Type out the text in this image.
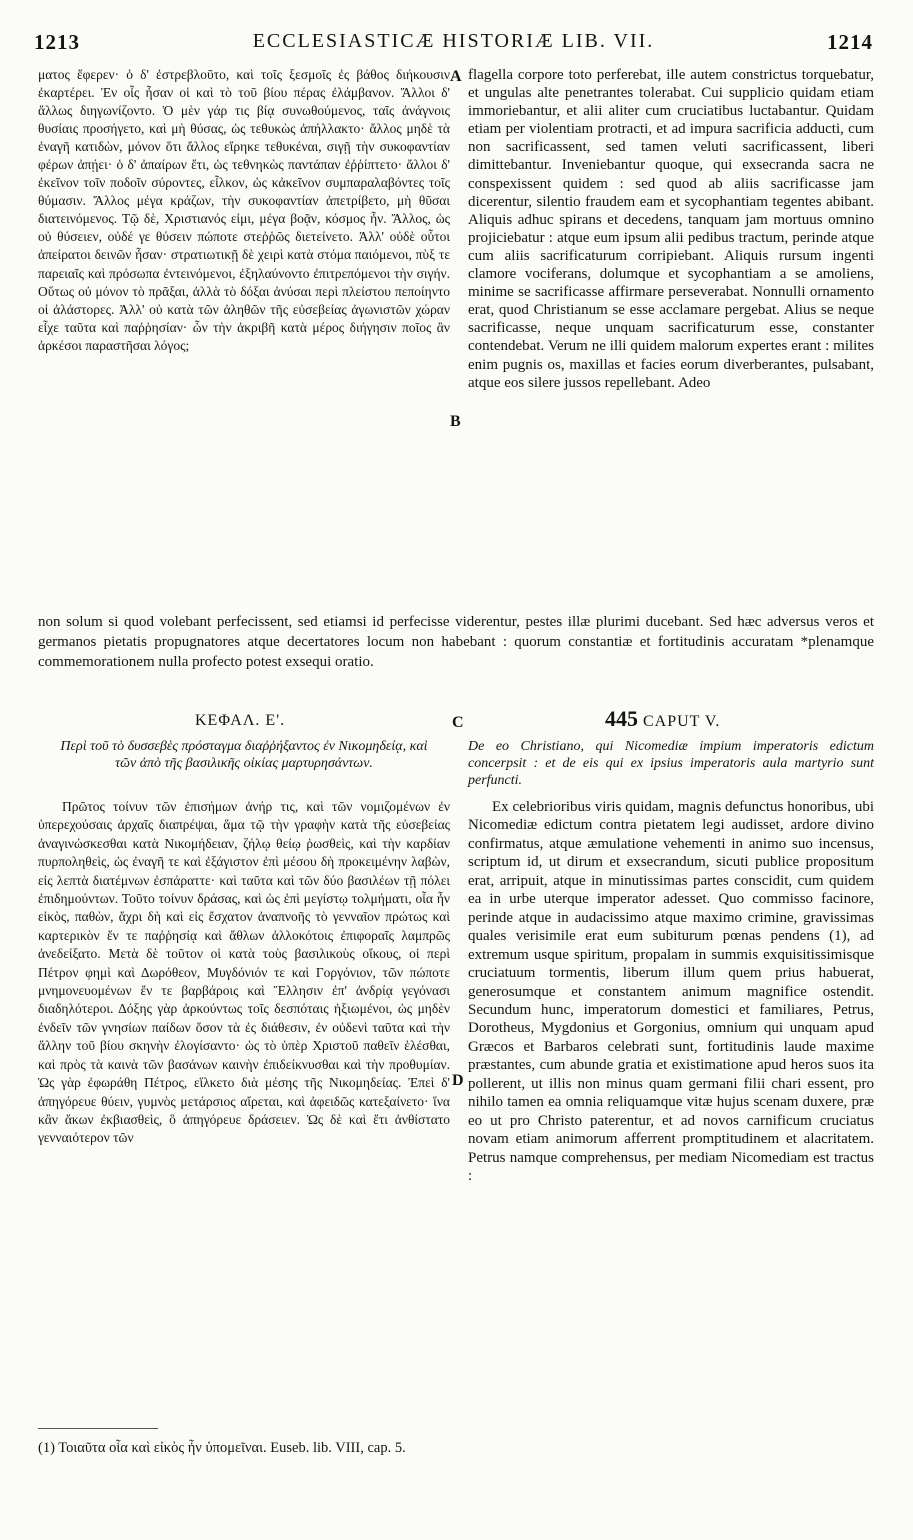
1213	ECCLESIASTICÆ HISTORIÆ LIB. VII.	1214
ματος ἔφερεν· ὁ δ' ἐστρεβλοῦτο, καὶ τοῖς ξεσμοῖς ἐς βάθος διήκουσιν ἐκαρτέρει. Ἐν οἷς ἦσαν οἱ καὶ τὸ τοῦ βίου πέρας ἐλάμβανον. Ἄλλοι δ' ἄλλως διηγωνίζοντο. Ὁ μὲν γάρ τις βίᾳ συνωθούμενος, ταῖς ἀνάγνοις θυσίαις προσήγετο, καὶ μὴ θύσας, ὡς τεθυκὼς ἀπήλλακτο· ἄλλος μηδὲ τὰ ἐναγῆ κατιδὼν, μόνον ὅτι ἄλλος εἴρηκε τεθυκέναι, σιγῇ τὴν συκοφαντίαν φέρων ἀπῄει· ὁ δ' ἀπαίρων ἔτι, ὡς τεθνηκὼς παντάπαν ἐῤῥίπτετο· ἄλλοι δ' ἐκεῖνον τοῖν ποδοῖν σύροντες, εἷλκον, ὡς κἀκεῖνον συμπαραλαβόντες τοῖς θύμασιν. Ἄλλος μέγα κράζων, τὴν συκοφαντίαν ἀπετρίβετο, μὴ θῦσαι διατεινόμενος. Τῷ δὲ, Χριστιανός εἰμι, μέγα βοᾷν, κόσμος ἦν. Ἄλλος, ὡς οὐ θύσειεν, οὐδέ γε θύσειν πώποτε στεῤῥῶς διετείνετο. Ἀλλ' οὐδὲ οὗτοι ἀπείρατοι δεινῶν ἦσαν· στρατιωτικῇ δὲ χειρὶ κατὰ στόμα παιόμενοι, πὺξ τε παρειαῖς καὶ πρόσωπα ἐντεινόμενοι, ἐξηλαύνοντο ἐπιτρεπόμενοι τὴν σιγήν. Οὕτως οὐ μόνον τὸ πρᾶξαι, ἀλλὰ τὸ δόξαι ἀνύσαι περὶ πλείστου πεποίηντο οἱ ἀλάστορες. Ἀλλ' οὐ κατὰ τῶν ἀληθῶν τῆς εὐσεβείας ἀγωνιστῶν χώραν εἶχε ταῦτα καὶ παῤῥησίαν· ὧν τὴν ἀκριβῆ κατὰ μέρος διήγησιν ποῖος ἂν ἀρκέσοι παραστῆσαι λόγος;
flagella corpore toto perferebat, ille autem constrictus torquebatur, et ungulas alte penetrantes tolerabat. Cui supplicio quidam etiam immoriebantur, et alii aliter cum cruciatibus luctabantur. Quidam etiam per violentiam protracti, et ad impura sacrificia adducti, cum non sacrificassent, sed tamen veluti sacrificassent, liberi dimittebantur. Inveniebantur quoque, qui exsecranda sacra ne conspexissent quidem : sed quod ab aliis sacrificasse jam dicerentur, silentio fraudem eam et sycophantiam tegentes abibant. Aliquis adhuc spirans et decedens, tanquam jam mortuus omnino projiciebatur : atque eum ipsum alii pedibus tractum, perinde atque cum aliis sacrificaturum corripiebant. Aliquis rursum ingenti clamore vociferans, dolumque et sycophantiam a se amoliens, minime se sacrificasse affirmare perseverabat. Nonnulli ornamento erat, quod Christianum se esse acclamare pergebat. Alius se neque sacrificasse, neque unquam sacrificaturum esse, constanter contendebat. Verum ne illi quidem malorum expertes erant : milites enim pugnis os, maxillas et facies eorum diverberantes, pulsabant, atque eos silere jussos repellebant. Adeo
A
B
non solum si quod volebant perfecissent, sed etiamsi id perfecisse viderentur, pestes illæ plurimi ducebant. Sed hæc adversus veros et germanos pietatis propugnatores atque decertatores locum non habebant : quorum constantiæ et fortitudinis accuratam *plenamque commemorationem nulla profecto potest exsequi oratio.
ΚΕΦΑΛ. Ε'.	C	445 CAPUT V.
Περὶ τοῦ τὸ δυσσεβὲς πρόσταγμα διαῤῥήξαντος ἐν Νικομηδείᾳ, καὶ τῶν ἀπὸ τῆς βασιλικῆς οἰκίας μαρτυρησάντων.
De eo Christiano, qui Nicomediæ impium imperatoris edictum concerpsit : et de eis qui ex ipsius imperatoris aula martyrio sunt perfuncti.
Πρῶτος τοίνυν τῶν ἐπισήμων ἀνήρ τις, καὶ τῶν νομιζομένων ἐν ὑπερεχούσαις ἀρχαῖς διαπρέψαι, ἅμα τῷ τὴν γραφὴν κατὰ τῆς εὐσεβείας ἀναγινώσκεσθαι κατὰ Νικομήδειαν, ζήλῳ θείῳ ῥωσθεὶς, καὶ τὴν καρδίαν πυρποληθεὶς, ὡς ἐναγῆ τε καὶ ἐξάγιστον ἐπὶ μέσου δὴ προκειμένην λαβὼν, εἰς λεπτὰ διατέμνων ἐσπάραττε· καὶ ταῦτα καὶ τῶν δύο βασιλέων τῇ πόλει ἐπιδημούντων. Τοῦτο τοίνυν δράσας, καὶ ὡς ἐπὶ μεγίστῳ τολμήματι, οἷα ἦν εἰκὸς, παθὼν, ἄχρι δὴ καὶ εἰς ἔσχατον ἀναπνοῆς τὸ γενναῖον πρώτως καὶ καρτερικὸν ἔν τε παῤῥησίᾳ καὶ ἄθλων ἀλλοκότοις ἐπιφοραῖς λαμπρῶς ἀνεδείξατο. Μετὰ δὲ τοῦτον οἱ κατὰ τοὺς βασιλικοὺς οἴκους, οἱ περὶ Πέτρον φημὶ καὶ Δωρόθεον, Μυγδόνιόν τε καὶ Γοργόνιον, τῶν πώποτε μνημονευομένων ἔν τε βαρβάροις καὶ Ἕλλησιν ἐπ' ἀνδρίᾳ γεγόνασι διαδηλότεροι. Δόξης γὰρ ἀρκούντως τοῖς δεσπόταις ἠξιωμένοι, ὡς μηδὲν ἐνδεῖν τῶν γνησίων παίδων ὅσον τὰ ἐς διάθεσιν, ἐν οὐδενὶ ταῦτα καὶ τὴν ἄλλην τοῦ βίου σκηνὴν ἐλογίσαντο· ὡς τὸ ὑπὲρ Χριστοῦ παθεῖν ἑλέσθαι, καὶ πρὸς τὰ καινὰ τῶν βασάνων καινὴν ἐπιδείκνυσθαι καὶ τὴν προθυμίαν. Ὡς γὰρ ἐφωράθη Πέτρος, εἵλκετο διὰ μέσης τῆς Νικομηδείας. Ἐπεὶ δ' ἀπηγόρευε θύειν, γυμνὸς μετάρσιος αἴρεται, καὶ ἀφειδῶς κατεξαίνετο· ἵνα κἂν ἄκων ἐκβιασθεὶς, ὃ ἀπηγόρευε δράσειεν. Ὡς δὲ καὶ ἔτι ἀνθίστατο γενναιότερον τῶν
Ex celebrioribus viris quidam, magnis defunctus honoribus, ubi Nicomediæ edictum contra pietatem legi audisset, ardore divino confirmatus, atque æmulatione vehementi in animo suo incensus, scriptum id, ut dirum et exsecrandum, sicuti publice propositum erat, arripuit, atque in minutissimas partes conscidit, cum quidem ea in urbe uterque imperator adesset. Quo commisso facinore, perinde atque in audacissimo atque maximo crimine, gravissimas quales verisimile erat eum subiturum pœnas pendens (1), ad extremum usque spiritum, propalam in summis exquisitissimisque cruciatuum tormentis, liberum illum quem prius habuerat, generosumque et constantem animum magnifice ostendit. Secundum hunc, imperatorum domestici et familiares, Petrus, Dorotheus, Mygdonius et Gorgonius, omnium qui unquam apud Græcos et Barbaros celebrati sunt, fortitudinis laude maxime præstantes, cum abunde gratia et existimatione apud heros suos ita pollerent, ut illis non minus quam germani filii chari essent, pro nihilo tamen ea omnia reliquamque vitæ hujus scenam duxere, præ eo ut pro Christo paterentur, et ad novos carnificum cruciatus novam etiam animorum afferrent promptitudinem et alacritatem. Petrus namque comprehensus, per mediam Nicomediam est tractus :
D
(1) Τοιαῦτα οἷα καὶ εἰκὸς ἦν ὑπομεῖναι. Euseb. lib. VIII, cap. 5.
